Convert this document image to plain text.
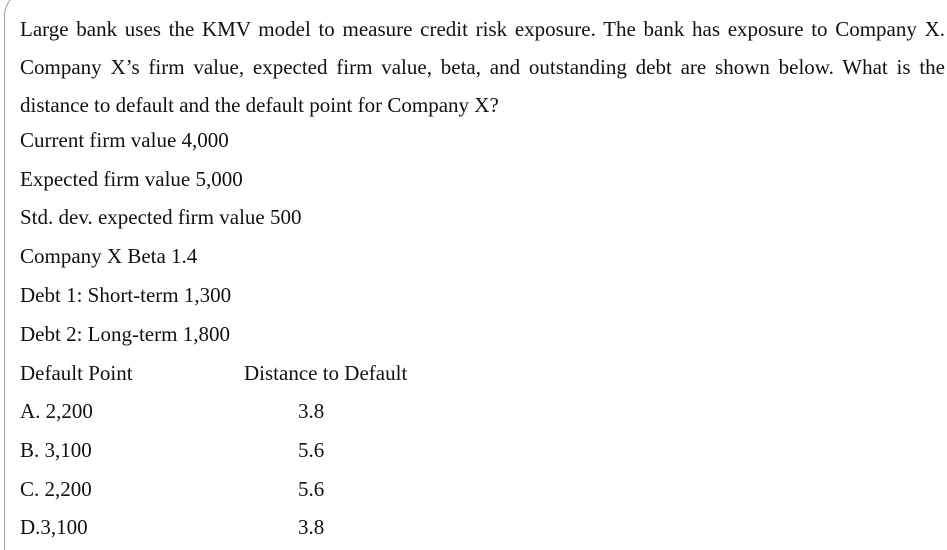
Large bank uses the KMV model to measure credit risk exposure. The bank has exposure to Company X. Company X’s firm value, expected firm value, beta, and outstanding debt are shown below. What is the distance to default and the default point for Company X?

Current firm value 4,000
Expected firm value 5,000
Std. dev. expected firm value 500
Company X Beta 1.4
Debt 1: Short-term 1,300
Debt 2: Long-term 1,800
Default Point	Distance to Default
A. 2,200	3.8
B. 3,100	5.6
C. 2,200	5.6
D.3,100	3.8
